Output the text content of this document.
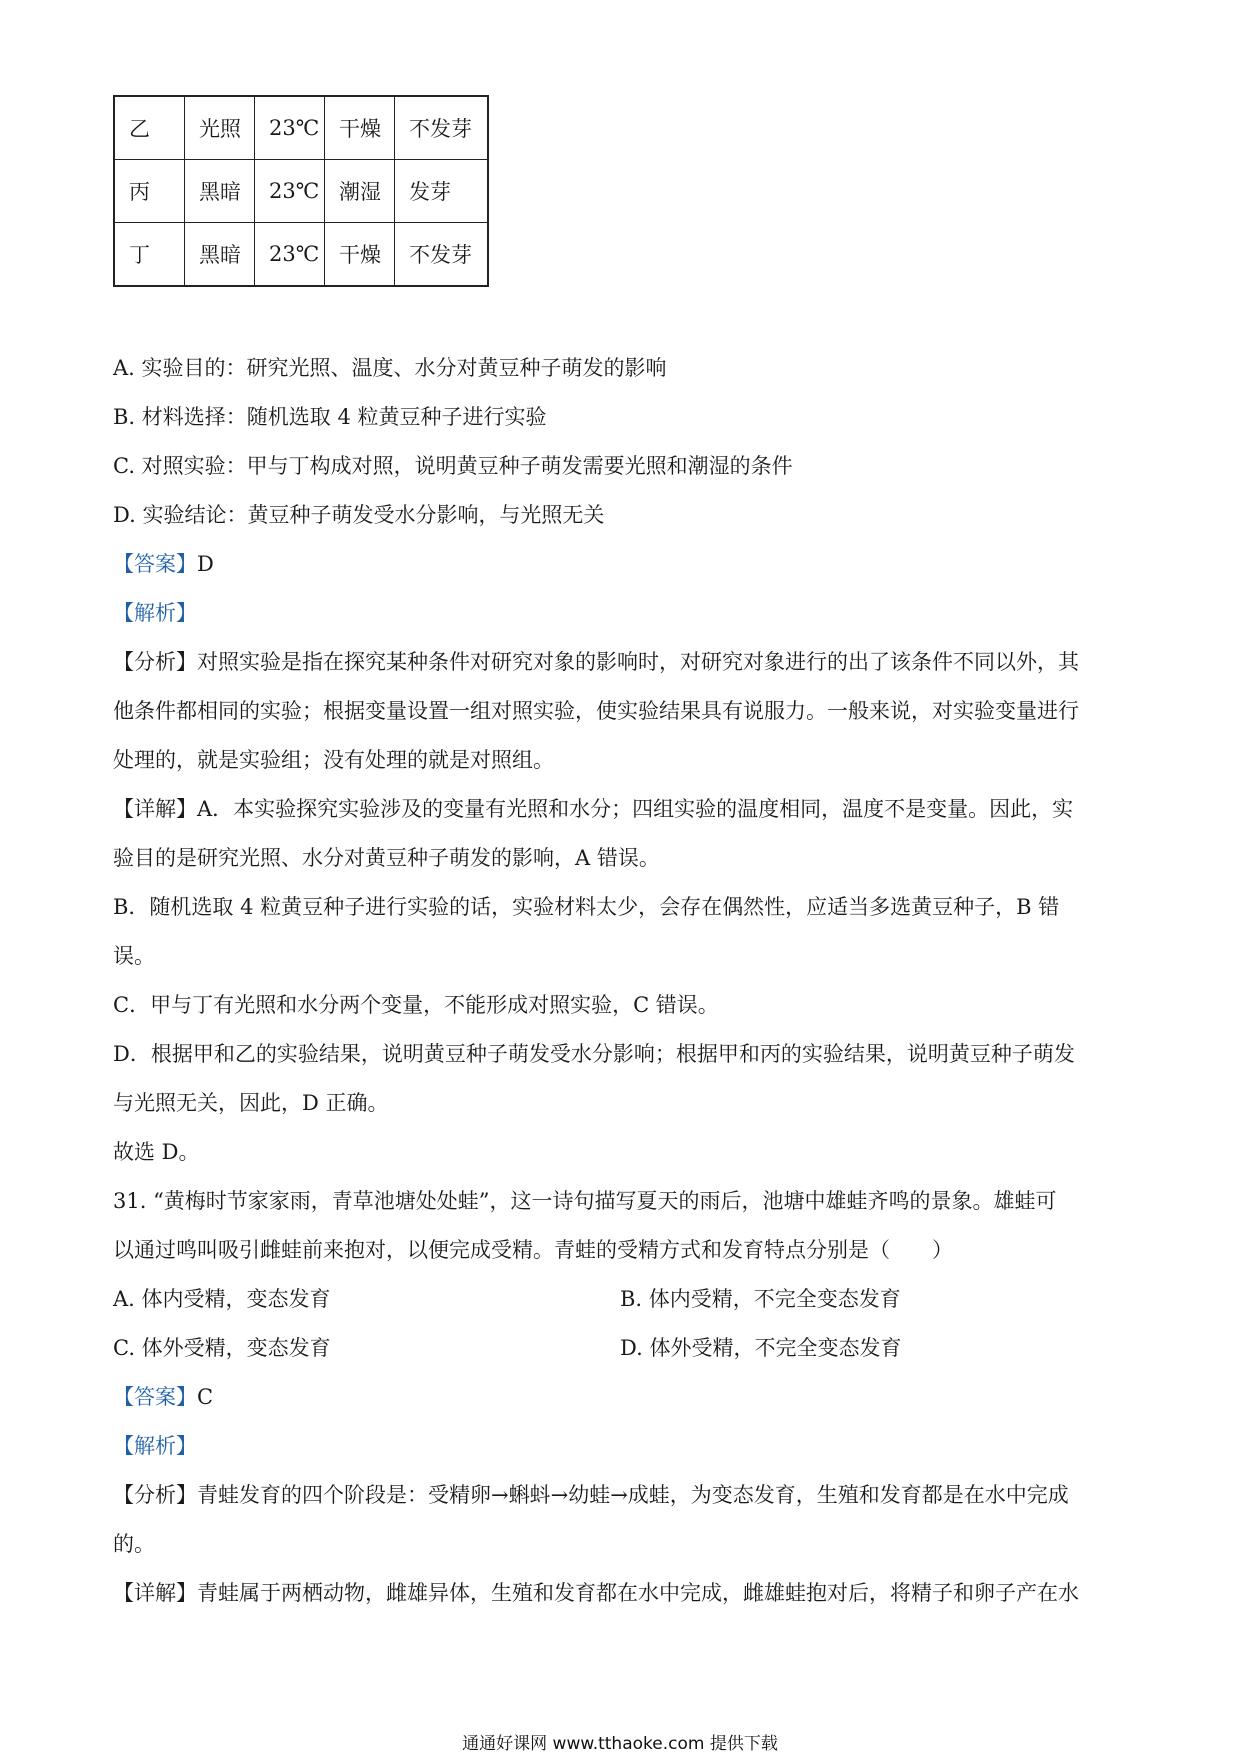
乙	光照	23℃	干燥	不发芽
丙	黑暗	23℃	潮湿	发芽
丁	黑暗	23℃	干燥	不发芽
A. 实验目的：研究光照、温度、水分对黄豆种子萌发的影响
B. 材料选择：随机选取 4 粒黄豆种子进行实验
C. 对照实验：甲与丁构成对照，说明黄豆种子萌发需要光照和潮湿的条件
D. 实验结论：黄豆种子萌发受水分影响，与光照无关
【答案】D
【解析】
【分析】对照实验是指在探究某种条件对研究对象的影响时，对研究对象进行的出了该条件不同以外，其
他条件都相同的实验；根据变量设置一组对照实验，使实验结果具有说服力。一般来说，对实验变量进行
处理的，就是实验组；没有处理的就是对照组。
【详解】A．本实验探究实验涉及的变量有光照和水分；四组实验的温度相同，温度不是变量。因此，实
验目的是研究光照、水分对黄豆种子萌发的影响，A 错误。
B．随机选取 4 粒黄豆种子进行实验的话，实验材料太少，会存在偶然性，应适当多选黄豆种子，B 错
误。
C．甲与丁有光照和水分两个变量，不能形成对照实验，C 错误。
D．根据甲和乙的实验结果，说明黄豆种子萌发受水分影响；根据甲和丙的实验结果，说明黄豆种子萌发
与光照无关，因此，D 正确。
故选 D。
31. “黄梅时节家家雨，青草池塘处处蛙”，这一诗句描写夏天的雨后，池塘中雄蛙齐鸣的景象。雄蛙可
以通过鸣叫吸引雌蛙前来抱对，以便完成受精。青蛙的受精方式和发育特点分别是（　　）
A. 体内受精，变态发育	B. 体内受精，不完全变态发育
C. 体外受精，变态发育	D. 体外受精，不完全变态发育
【答案】C
【解析】
【分析】青蛙发育的四个阶段是：受精卵→蝌蚪→幼蛙→成蛙，为变态发育，生殖和发育都是在水中完成
的。
【详解】青蛙属于两栖动物，雌雄异体，生殖和发育都在水中完成，雌雄蛙抱对后，将精子和卵子产在水
通通好课网 www.tthaoke.com 提供下载
